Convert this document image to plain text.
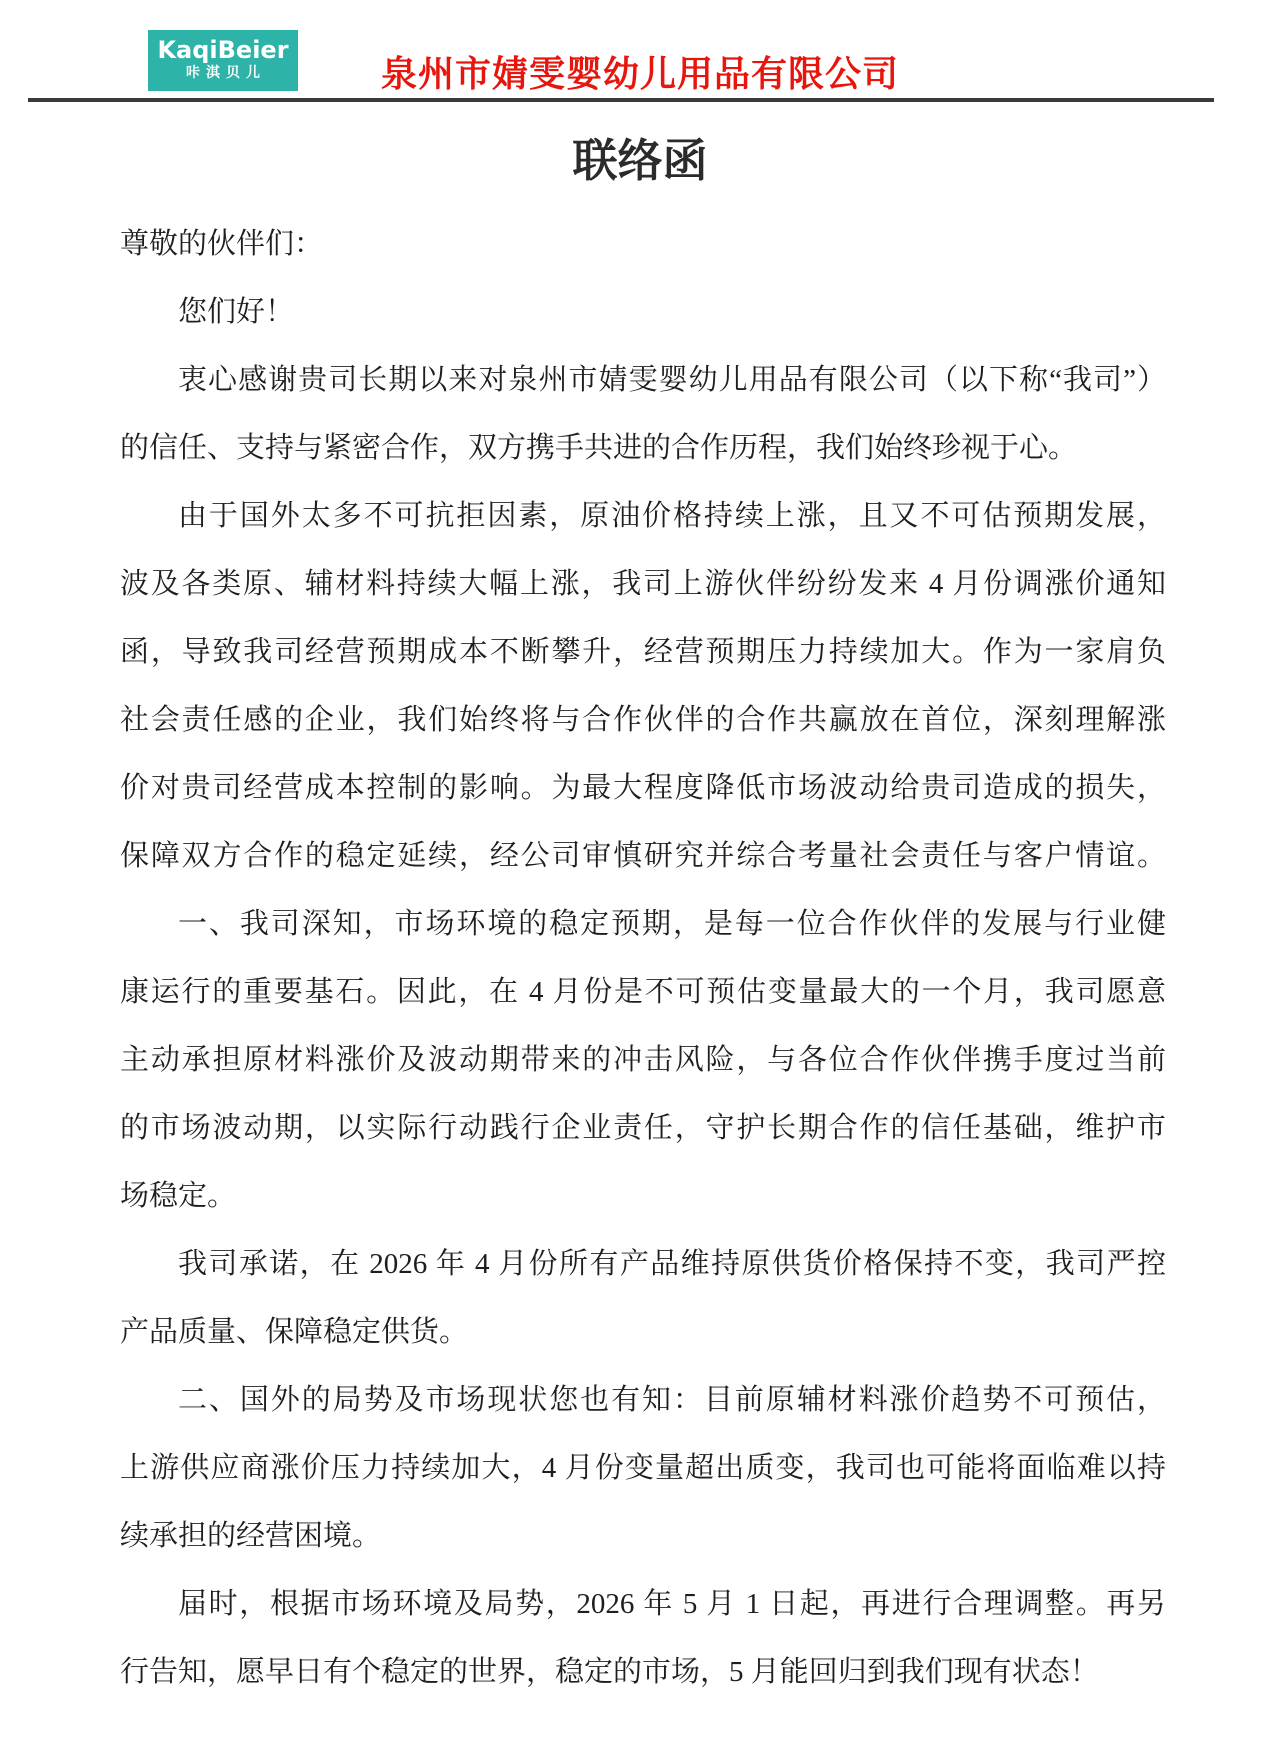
KaqiBeier
咔淇贝儿	泉州市婧雯婴幼儿用品有限公司
联络函
尊敬的伙伴们：
您们好！
衷心感谢贵司长期以来对泉州市婧雯婴幼儿用品有限公司（以下称“我司”）
的信任、支持与紧密合作，双方携手共进的合作历程，我们始终珍视于心。
由于国外太多不可抗拒因素，原油价格持续上涨，且又不可估预期发展，
波及各类原、辅材料持续大幅上涨，我司上游伙伴纷纷发来 4 月份调涨价通知
函，导致我司经营预期成本不断攀升，经营预期压力持续加大。作为一家肩负
社会责任感的企业，我们始终将与合作伙伴的合作共赢放在首位，深刻理解涨
价对贵司经营成本控制的影响。为最大程度降低市场波动给贵司造成的损失，
保障双方合作的稳定延续，经公司审慎研究并综合考量社会责任与客户情谊。
一、我司深知，市场环境的稳定预期，是每一位合作伙伴的发展与行业健
康运行的重要基石。因此，在 4 月份是不可预估变量最大的一个月，我司愿意
主动承担原材料涨价及波动期带来的冲击风险，与各位合作伙伴携手度过当前
的市场波动期，以实际行动践行企业责任，守护长期合作的信任基础，维护市
场稳定。
我司承诺，在 2026 年 4 月份所有产品维持原供货价格保持不变，我司严控
产品质量、保障稳定供货。
二、国外的局势及市场现状您也有知：目前原辅材料涨价趋势不可预估，
上游供应商涨价压力持续加大，4 月份变量超出质变，我司也可能将面临难以持
续承担的经营困境。
届时，根据市场环境及局势，2026 年 5 月 1 日起，再进行合理调整。再另
行告知，愿早日有个稳定的世界，稳定的市场，5 月能回归到我们现有状态！
